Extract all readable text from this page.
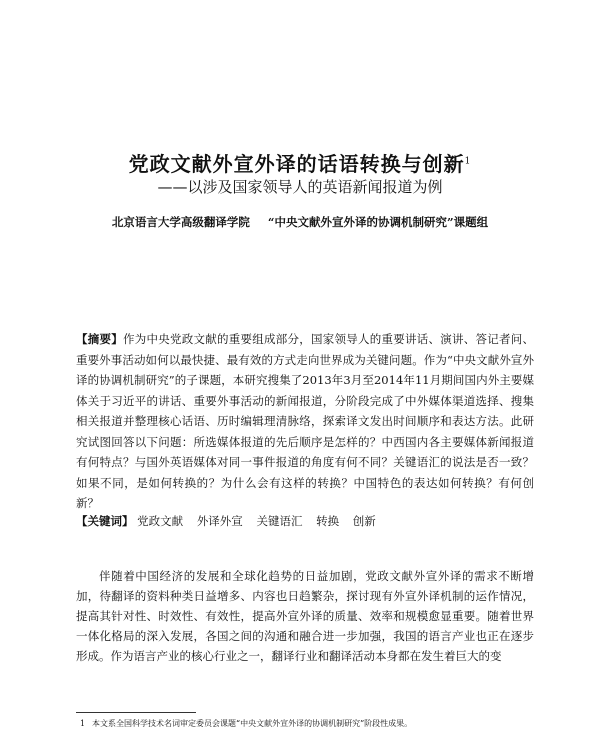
党政文献外宣外译的话语转换与创新$^1$
——以涉及国家领导人的英语新闻报道为例
北京语言大学高级翻译学院 “中央文献外宣外译的协调机制研究”课题组
【摘要】作为中央党政文献的重要组成部分，国家领导人的重要讲话、演讲、答记者问、重要外事活动如何以最快捷、最有效的方式走向世界成为关键问题。作为“中央文献外宣外译的协调机制研究”的子课题，本研究搜集了2013年3月至2014年11月期间国内外主要媒体关于习近平的讲话、重要外事活动的新闻报道，分阶段完成了中外媒体渠道选择、搜集相关报道并整理核心话语、历时编辑理清脉络，探索译文发出时间顺序和表达方法。此研究试图回答以下问题：所选媒体报道的先后顺序是怎样的？中西国内各主要媒体新闻报道有何特点？与国外英语媒体对同一事件报道的角度有何不同？关键语汇的说法是否一致？如果不同，是如何转换的？为什么会有这样的转换？中国特色的表达如何转换？有何创新？
【关键词】 党政文献 外译外宣 关键语汇 转换 创新
伴随着中国经济的发展和全球化趋势的日益加剧，党政文献外宣外译的需求不断增加，待翻译的资料种类日益增多、内容也日趋繁杂，探讨现有外宣外译机制的运作情况，提高其针对性、时效性、有效性，提高外宣外译的质量、效率和规模愈显重要。随着世界一体化格局的深入发展，各国之间的沟通和融合进一步加强，我国的语言产业也正在逐步形成。作为语言产业的核心行业之一，翻译行业和翻译活动本身都在发生着巨大的变
1 本文系全国科学技术名词审定委员会课题“中央文献外宣外译的协调机制研究”阶段性成果。
